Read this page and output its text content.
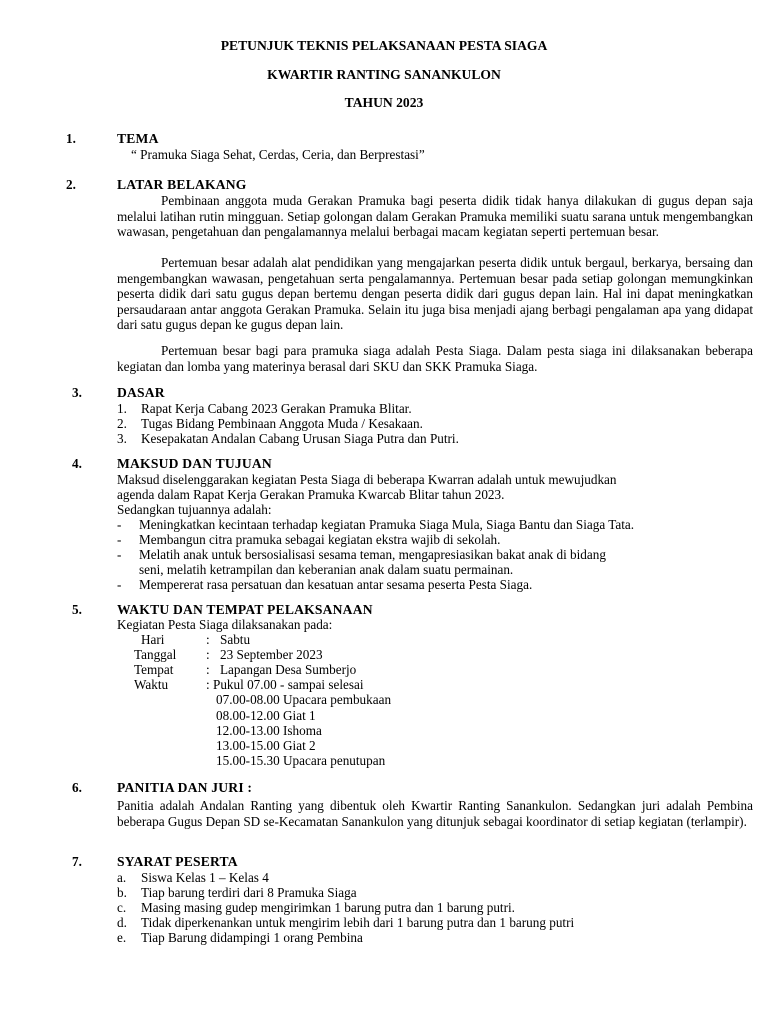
PETUNJUK TEKNIS PELAKSANAAN PESTA SIAGA
KWARTIR RANTING SANANKULON
TAHUN 2023
1.	TEMA
“ Pramuka Siaga Sehat, Cerdas, Ceria, dan Berprestasi”
2.	LATAR BELAKANG
Pembinaan anggota muda Gerakan Pramuka bagi peserta didik tidak hanya dilakukan di gugus depan saja melalui latihan rutin mingguan. Setiap golongan dalam Gerakan Pramuka memiliki suatu sarana untuk mengembangkan wawasan, pengetahuan dan pengalamannya melalui berbagai macam kegiatan seperti pertemuan besar.
Pertemuan besar adalah alat pendidikan yang mengajarkan peserta didik untuk bergaul, berkarya, bersaing dan mengembangkan wawasan, pengetahuan serta pengalamannya. Pertemuan besar pada setiap golongan memungkinkan peserta didik dari satu gugus depan bertemu dengan peserta didik dari gugus depan lain. Hal ini dapat meningkatkan persaudaraan antar anggota Gerakan Pramuka. Selain itu juga bisa menjadi ajang berbagi pengalaman apa yang didapat dari satu gugus depan ke gugus depan lain.
Pertemuan besar bagi para pramuka siaga adalah Pesta Siaga. Dalam pesta siaga ini dilaksanakan beberapa kegiatan dan lomba yang materinya berasal dari SKU dan SKK Pramuka Siaga.
3.	DASAR
1. Rapat Kerja Cabang 2023 Gerakan Pramuka Blitar.
2. Tugas Bidang Pembinaan Anggota Muda / Kesakaan.
3. Kesepakatan Andalan Cabang Urusan Siaga Putra dan Putri.
4.	MAKSUD DAN TUJUAN
Maksud diselenggarakan kegiatan Pesta Siaga di beberapa Kwarran adalah untuk mewujudkan
agenda dalam Rapat Kerja Gerakan Pramuka Kwarcab Blitar tahun 2023.
Sedangkan tujuannya adalah:
- Meningkatkan kecintaan terhadap kegiatan Pramuka Siaga Mula, Siaga Bantu dan Siaga Tata.
- Membangun citra pramuka sebagai kegiatan ekstra wajib di sekolah.
- Melatih anak untuk bersosialisasi sesama teman, mengapresiasikan bakat anak di bidang
seni, melatih ketrampilan dan keberanian anak dalam suatu permainan.
- Mempererat rasa persatuan dan kesatuan antar sesama peserta Pesta Siaga.
5.	WAKTU DAN TEMPAT PELAKSANAAN
Kegiatan Pesta Siaga dilaksanakan pada:
Hari	: Sabtu
Tanggal : 23 September 2023
Tempat : Lapangan Desa Sumberjo
Waktu	: Pukul 07.00 - sampai selesai
07.00-08.00 Upacara pembukaan
08.00-12.00 Giat 1
12.00-13.00 Ishoma
13.00-15.00 Giat 2
15.00-15.30 Upacara penutupan
6.	PANITIA DAN JURI :
Panitia adalah Andalan Ranting yang dibentuk oleh Kwartir Ranting Sanankulon. Sedangkan juri adalah Pembina beberapa Gugus Depan SD se-Kecamatan Sanankulon yang ditunjuk sebagai koordinator di setiap kegiatan (terlampir).
7.	SYARAT PESERTA
a. Siswa Kelas 1 – Kelas 4
b. Tiap barung terdiri dari 8 Pramuka Siaga
c. Masing masing gudep mengirimkan 1 barung putra dan 1 barung putri.
d. Tidak diperkenankan untuk mengirim lebih dari 1 barung putra dan 1 barung putri
e. Tiap Barung didampingi 1 orang Pembina
